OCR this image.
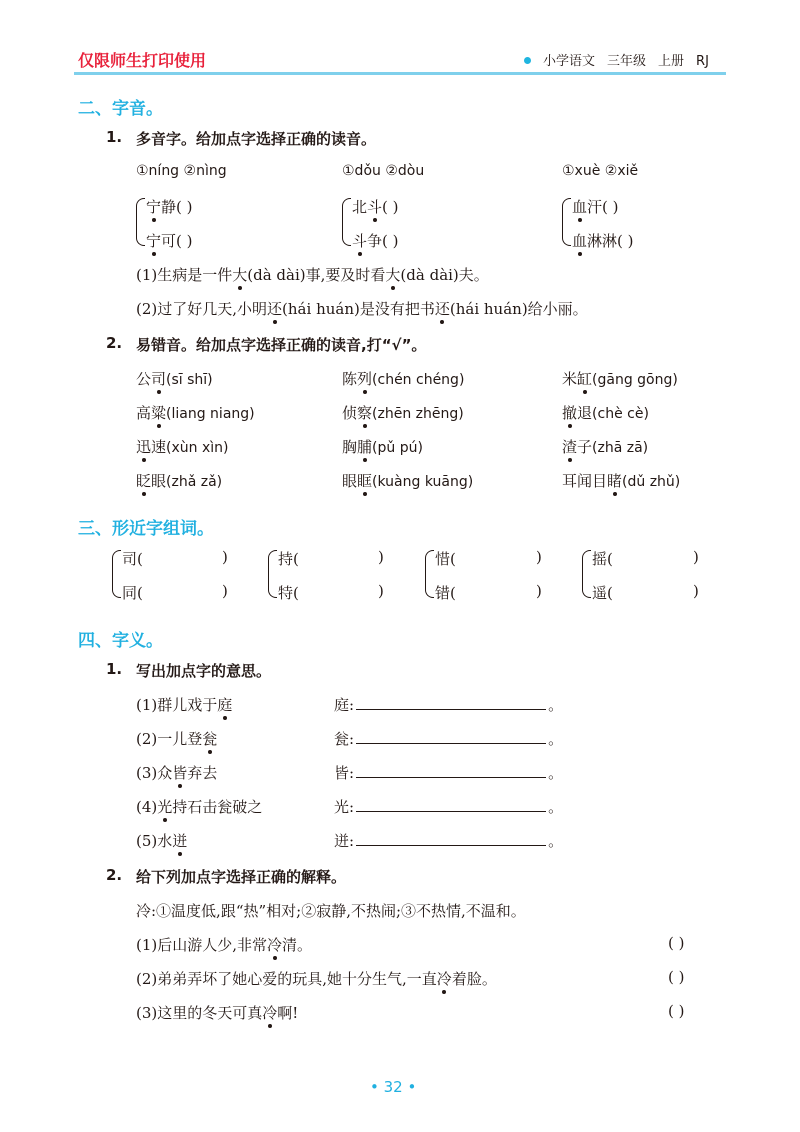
仅限师生打印使用	小学语文 三年级 上册 RJ
二、字音。
1. 多音字。给加点字选择正确的读音。
①níng ②nìng	①dǒu ②dòu	①xuè ②xiě
宁静( )
宁可( )
北斗( )
斗争( )
血汗( )
血淋淋( )
(1)生病是一件大(dà dài)事,要及时看大(dà dài)夫。
(2)过了好几天,小明还(hái huán)是没有把书还(hái huán)给小丽。
2. 易错音。给加点字选择正确的读音,打“√”。
公司(sī shī)	陈列(chén chéng)	米缸(gāng gōng)
高粱(liang niang)	侦察(zhēn zhēng)	撤退(chè cè)
迅速(xùn xìn)	胸脯(pǔ pú)	渣子(zhā zā)
眨眼(zhǎ zǎ)	眼眶(kuàng kuāng)	耳闻目睹(dǔ zhǔ)
三、形近字组词。
司(	)
同(	)
持(	)
特(	)
惜(	)
错(	)
摇(	)
遥(	)
四、字义。
1. 写出加点字的意思。
(1)群儿戏于庭	庭:	。
(2)一儿登瓮	瓮:	。
(3)众皆弃去	皆:	。
(4)光持石击瓮破之	光:	。
(5)水迸	迸:	。
2. 给下列加点字选择正确的解释。
冷:①温度低,跟“热”相对;②寂静,不热闹;③不热情,不温和。
(1)后山游人少,非常冷清。	( )
(2)弟弟弄坏了她心爱的玩具,她十分生气,一直冷着脸。	( )
(3)这里的冬天可真冷啊!	( )
• 32 •
